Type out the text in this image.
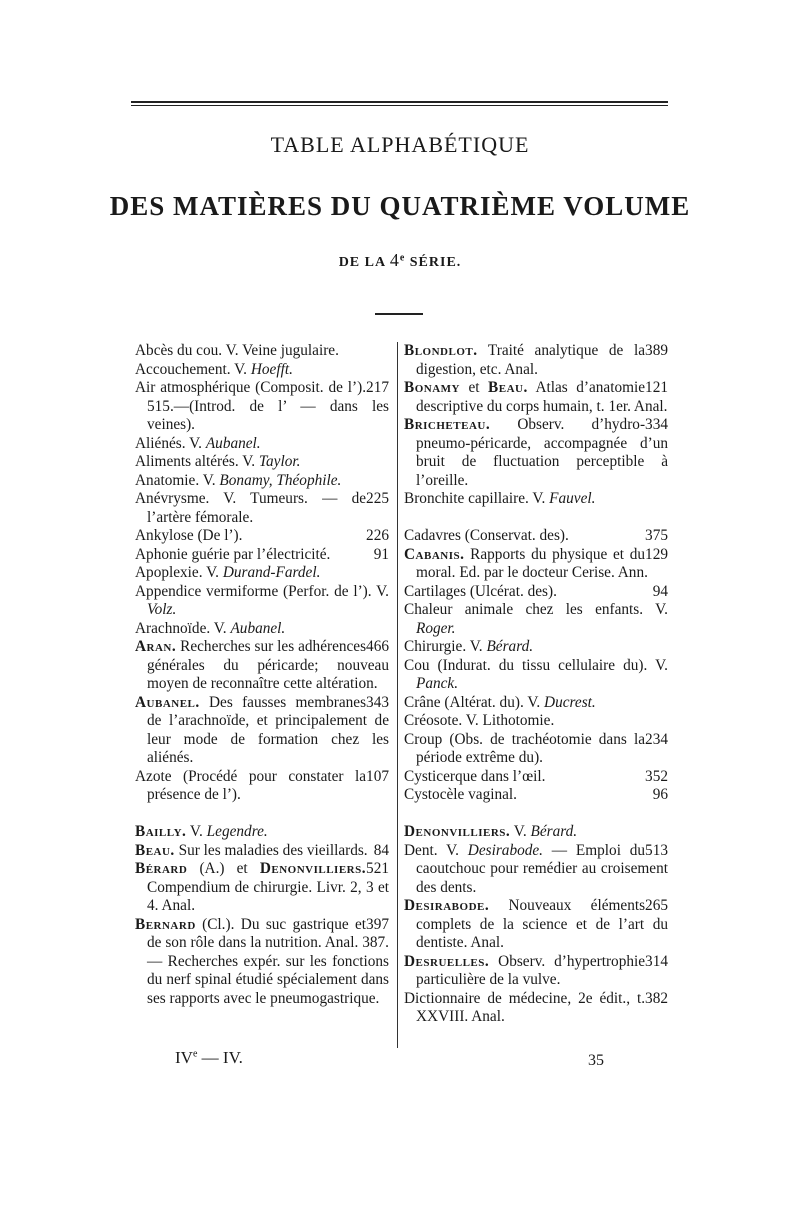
TABLE ALPHABÉTIQUE
DES MATIÈRES DU QUATRIÈME VOLUME
DE LA 4e SÉRIE.

Abcès du cou. V. Veine jugulaire.

Accouchement. V. Hoefft.

217
Air atmosphérique (Composit. de l’). 515.—(Introd. de l’ — dans les veines).

Aliénés. V. Aubanel.

Aliments altérés. V. Taylor.

Anatomie. V. Bonamy, Théophile.

225
Anévrysme. V. Tumeurs. — de l’artère fémorale.

226
Ankylose (De l’).

91
Aphonie guérie par l’électricité.

Apoplexie. V. Durand-Fardel.

Appendice vermiforme (Perfor. de l’). V. Volz.

Arachnoïde. V. Aubanel.

466
Aran. Recherches sur les adhérences générales du péricarde; nouveau moyen de reconnaître cette altération.

343
Aubanel. Des fausses membranes de l’arachnoïde, et principalement de leur mode de formation chez les aliénés.

107
Azote (Procédé pour constater la présence de l’).

Bailly. V. Legendre.

84
Beau. Sur les maladies des vieillards.

521
Bérard (A.) et Denonvilliers. Compendium de chirurgie. Livr. 2, 3 et 4. Anal.

397
Bernard (Cl.). Du suc gastrique et de son rôle dans la nutrition. Anal. 387. — Recherches expér. sur les fonctions du nerf spinal étudié spécialement dans ses rapports avec le pneumogastrique.

389
Blondlot. Traité analytique de la digestion, etc. Anal.

121
Bonamy et Beau. Atlas d’anatomie descriptive du corps humain, t. 1er. Anal.

334
Bricheteau. Observ. d’hydro-pneumo-péricarde, accompagnée d’un bruit de fluctuation perceptible à l’oreille.

Bronchite capillaire. V. Fauvel.

375
Cadavres (Conservat. des).

129
Cabanis. Rapports du physique et du moral. Ed. par le docteur Cerise. Ann.

94
Cartilages (Ulcérat. des).

Chaleur animale chez les enfants. V. Roger.

Chirurgie. V. Bérard.

Cou (Indurat. du tissu cellulaire du). V. Panck.

Crâne (Altérat. du). V. Ducrest.

Créosote. V. Lithotomie.

234
Croup (Obs. de trachéotomie dans la période extrême du).

352
Cysticerque dans l’œil.

96
Cystocèle vaginal.

Denonvilliers. V. Bérard.

513
Dent. V. Desirabode. — Emploi du caoutchouc pour remédier au croisement des dents.

265
Desirabode. Nouveaux éléments complets de la science et de l’art du dentiste. Anal.

314
Desruelles. Observ. d’hypertrophie particulière de la vulve.

382
Dictionnaire de médecine, 2e édit., t. XXVIII. Anal.

IVe — IV.	35
